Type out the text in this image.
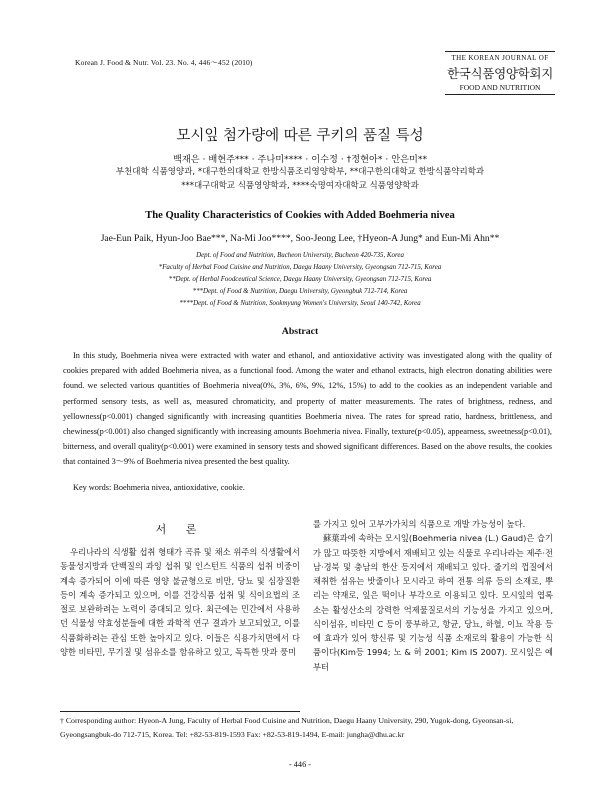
Korean J. Food & Nutr. Vol. 23. No. 4, 446～452 (2010)	THE KOREAN JOURNAL OF
한국식품영양학회지
FOOD AND NUTRITION
모시잎 첨가량에 따른 쿠키의 품질 특성
백재은 · 배현주*** · 주나미**** · 이수정 · †정현아* · 안은미**
부천대학 식품영양과, *대구한의대학교 한방식품조리영양학부, **대구한의대학교 한방식품약리학과
***대구대학교 식품영양학과, ****숙명여자대학교 식품영양학과
The Quality Characteristics of Cookies with Added Boehmeria nivea
Jae-Eun Paik, Hyun-Joo Bae***, Na-Mi Joo****, Soo-Jeong Lee, †Hyeon-A Jung* and Eun-Mi Ahn**
Dept. of Food and Nutrition, Bucheon University, Bucheon 420-735, Korea
*Faculty of Herbal Food Cuisine and Nutrition, Daegu Haany University, Gyeongsan 712-715, Korea
**Dept. of Herbal Foodceutical Science, Daegu Haany University, Gyeongsan 712-715, Korea
***Dept. of Food & Nutrition, Daegu University, Gyeongbuk 712-714, Korea
****Dept. of Food & Nutrition, Sookmyung Women's University, Seoul 140-742, Korea
Abstract
In this study, Boehmeria nivea were extracted with water and ethanol, and antioxidative activity was investigated along with the quality of cookies prepared with added Boehmeria nivea, as a functional food. Among the water and ethanol extracts, high electron donating abilities were found. we selected various quantities of Boehmeria nivea(0%, 3%, 6%, 9%, 12%, 15%) to add to the cookies as an independent variable and performed sensory tests, as well as, measured chromaticity, and property of matter measurements. The rates of brightness, redness, and yellowness(p<0.001) changed significantly with increasing quantities Boehmeria nivea. The rates for spread ratio, hardness, brittleness, and chewiness(p<0.001) also changed significantly with increasing amounts Boehmeria nivea. Finally, texture(p<0.05), appearness, sweetness(p<0.01), bitterness, and overall quality(p<0.001) were examined in sensory tests and showed significant differences. Based on the above results, the cookies that contained 3～9% of Boehmeria nivea presented the best quality.
Key words: Boehmeria nivea, antioxidative, cookie.
서 론
우리나라의 식생활 섭취 형태가 곡류 및 채소 위주의 식생활에서 동물성지방과 단백질의 과잉 섭취 및 인스턴트 식품의 섭취 비중이 계속 증가되어 이에 따른 영양 불균형으로 비만, 당뇨 및 심장질환 등이 계속 증가되고 있으며, 이를 건강식품 섭취 및 식이요법의 조절로 보완하려는 노력이 증대되고 있다. 최근에는 민간에서 사용하던 식물성 약효성분들에 대한 과학적 연구 결과가 보고되었고, 이를 식품화하려는 관심 또한 높아지고 있다. 이들은 식용가치면에서 다양한 비타민, 무기질 및 섬유소를 함유하고 있고, 독특한 맛과 풍미
를 가지고 있어 고부가가치의 식품으로 개발 가능성이 높다.
蘇葉과에 속하는 모시잎(Boehmeria nivea (L.) Gaud)은 습기가 많고 따뜻한 지방에서 재배되고 있는 식물로 우리나라는 제주·전남·경북 및 충남의 한산 등지에서 재배되고 있다. 줄기의 껍질에서 채취한 섬유는 밧줄이나 모시라고 하여 전통 의류 등의 소재로, 뿌리는 약재로, 잎은 떡이나 부각으로 이용되고 있다. 모시잎의 엽록소는 활성산소의 강력한 억제물질로서의 기능성을 가지고 있으며, 식이섬유, 비타민 C 등이 풍부하고, 항균, 당뇨, 하혈, 이뇨 작용 등에 효과가 있어 향신류 및 기능성 식품 소재로의 활용이 가능한 식품이다(Kim등 1994; 노 & 허 2001; Kim IS 2007). 모시잎은 예부터
† Corresponding author: Hyeon-A Jung, Faculty of Herbal Food Cuisine and Nutrition, Daegu Haany University, 290, Yugok-dong, Gyeonsan-si, Gyeongsangbuk-do 712-715, Korea. Tel: +82-53-819-1593 Fax: +82-53-819-1494, E-mail: jungha@dhu.ac.kr
- 446 -
